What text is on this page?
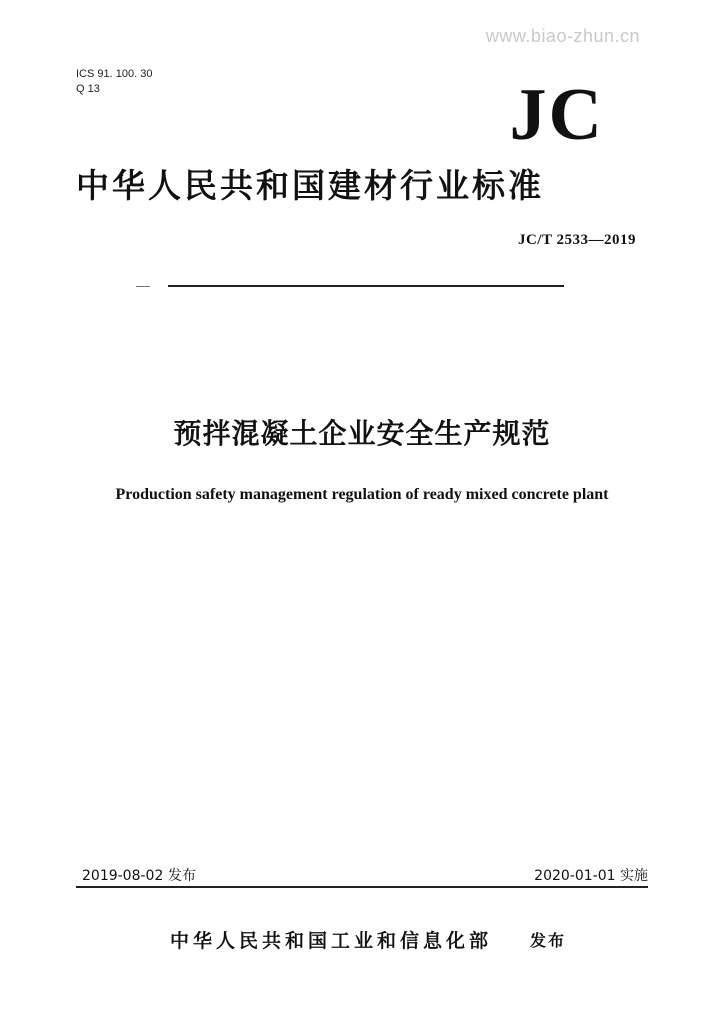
www.biao-zhun.cn
ICS 91. 100. 30
Q 13	JC
中华人民共和国建材行业标准
JC/T 2533—2019
预拌混凝土企业安全生产规范
Production safety management regulation of ready mixed concrete plant
2019-08-02 发布	2020-01-01 实施
中华人民共和国工业和信息化部 发布
